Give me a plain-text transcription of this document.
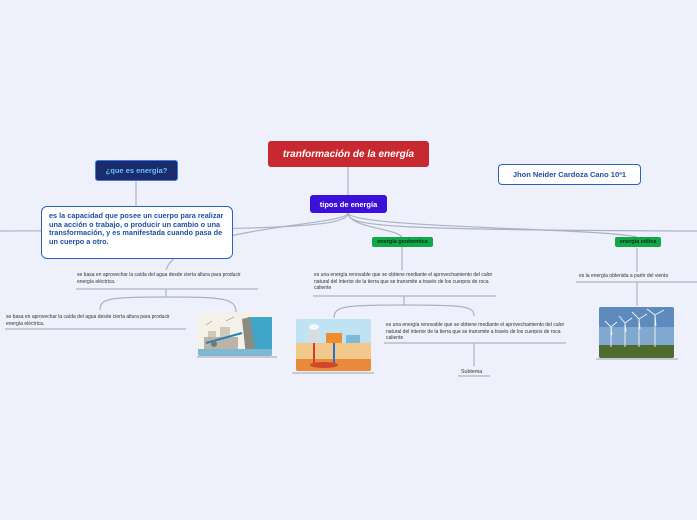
tranformación de la energía
tipos de energía
¿que es energía?	Jhon Neider Cardoza Cano 10ª1
es la capacidad que posee un cuerpo para realizar una acción o trabajo, o producir un cambio o una transformación, y es manifestada cuando pasa de un cuerpo a otro.
se basa en aprovechar la caída del agua desde cierta altura para producir energía eléctrica.
se basa en aprovechar la caída del agua desde cierta altura para producir energía eléctrica.
energía geotermica
es una energía renovable que se obtiene mediante el aprovechamiento del calor natural del interior de la tierra que se transmite a través de los cuerpos de roca caliente
es una energía renovable que se obtiene mediante el aprovechamiento del calor natural del interior de la tierra que se transmite a través de los cuerpos de roca caliente
Subtema
energía eólica
es la energía obtenida a partir del viento
